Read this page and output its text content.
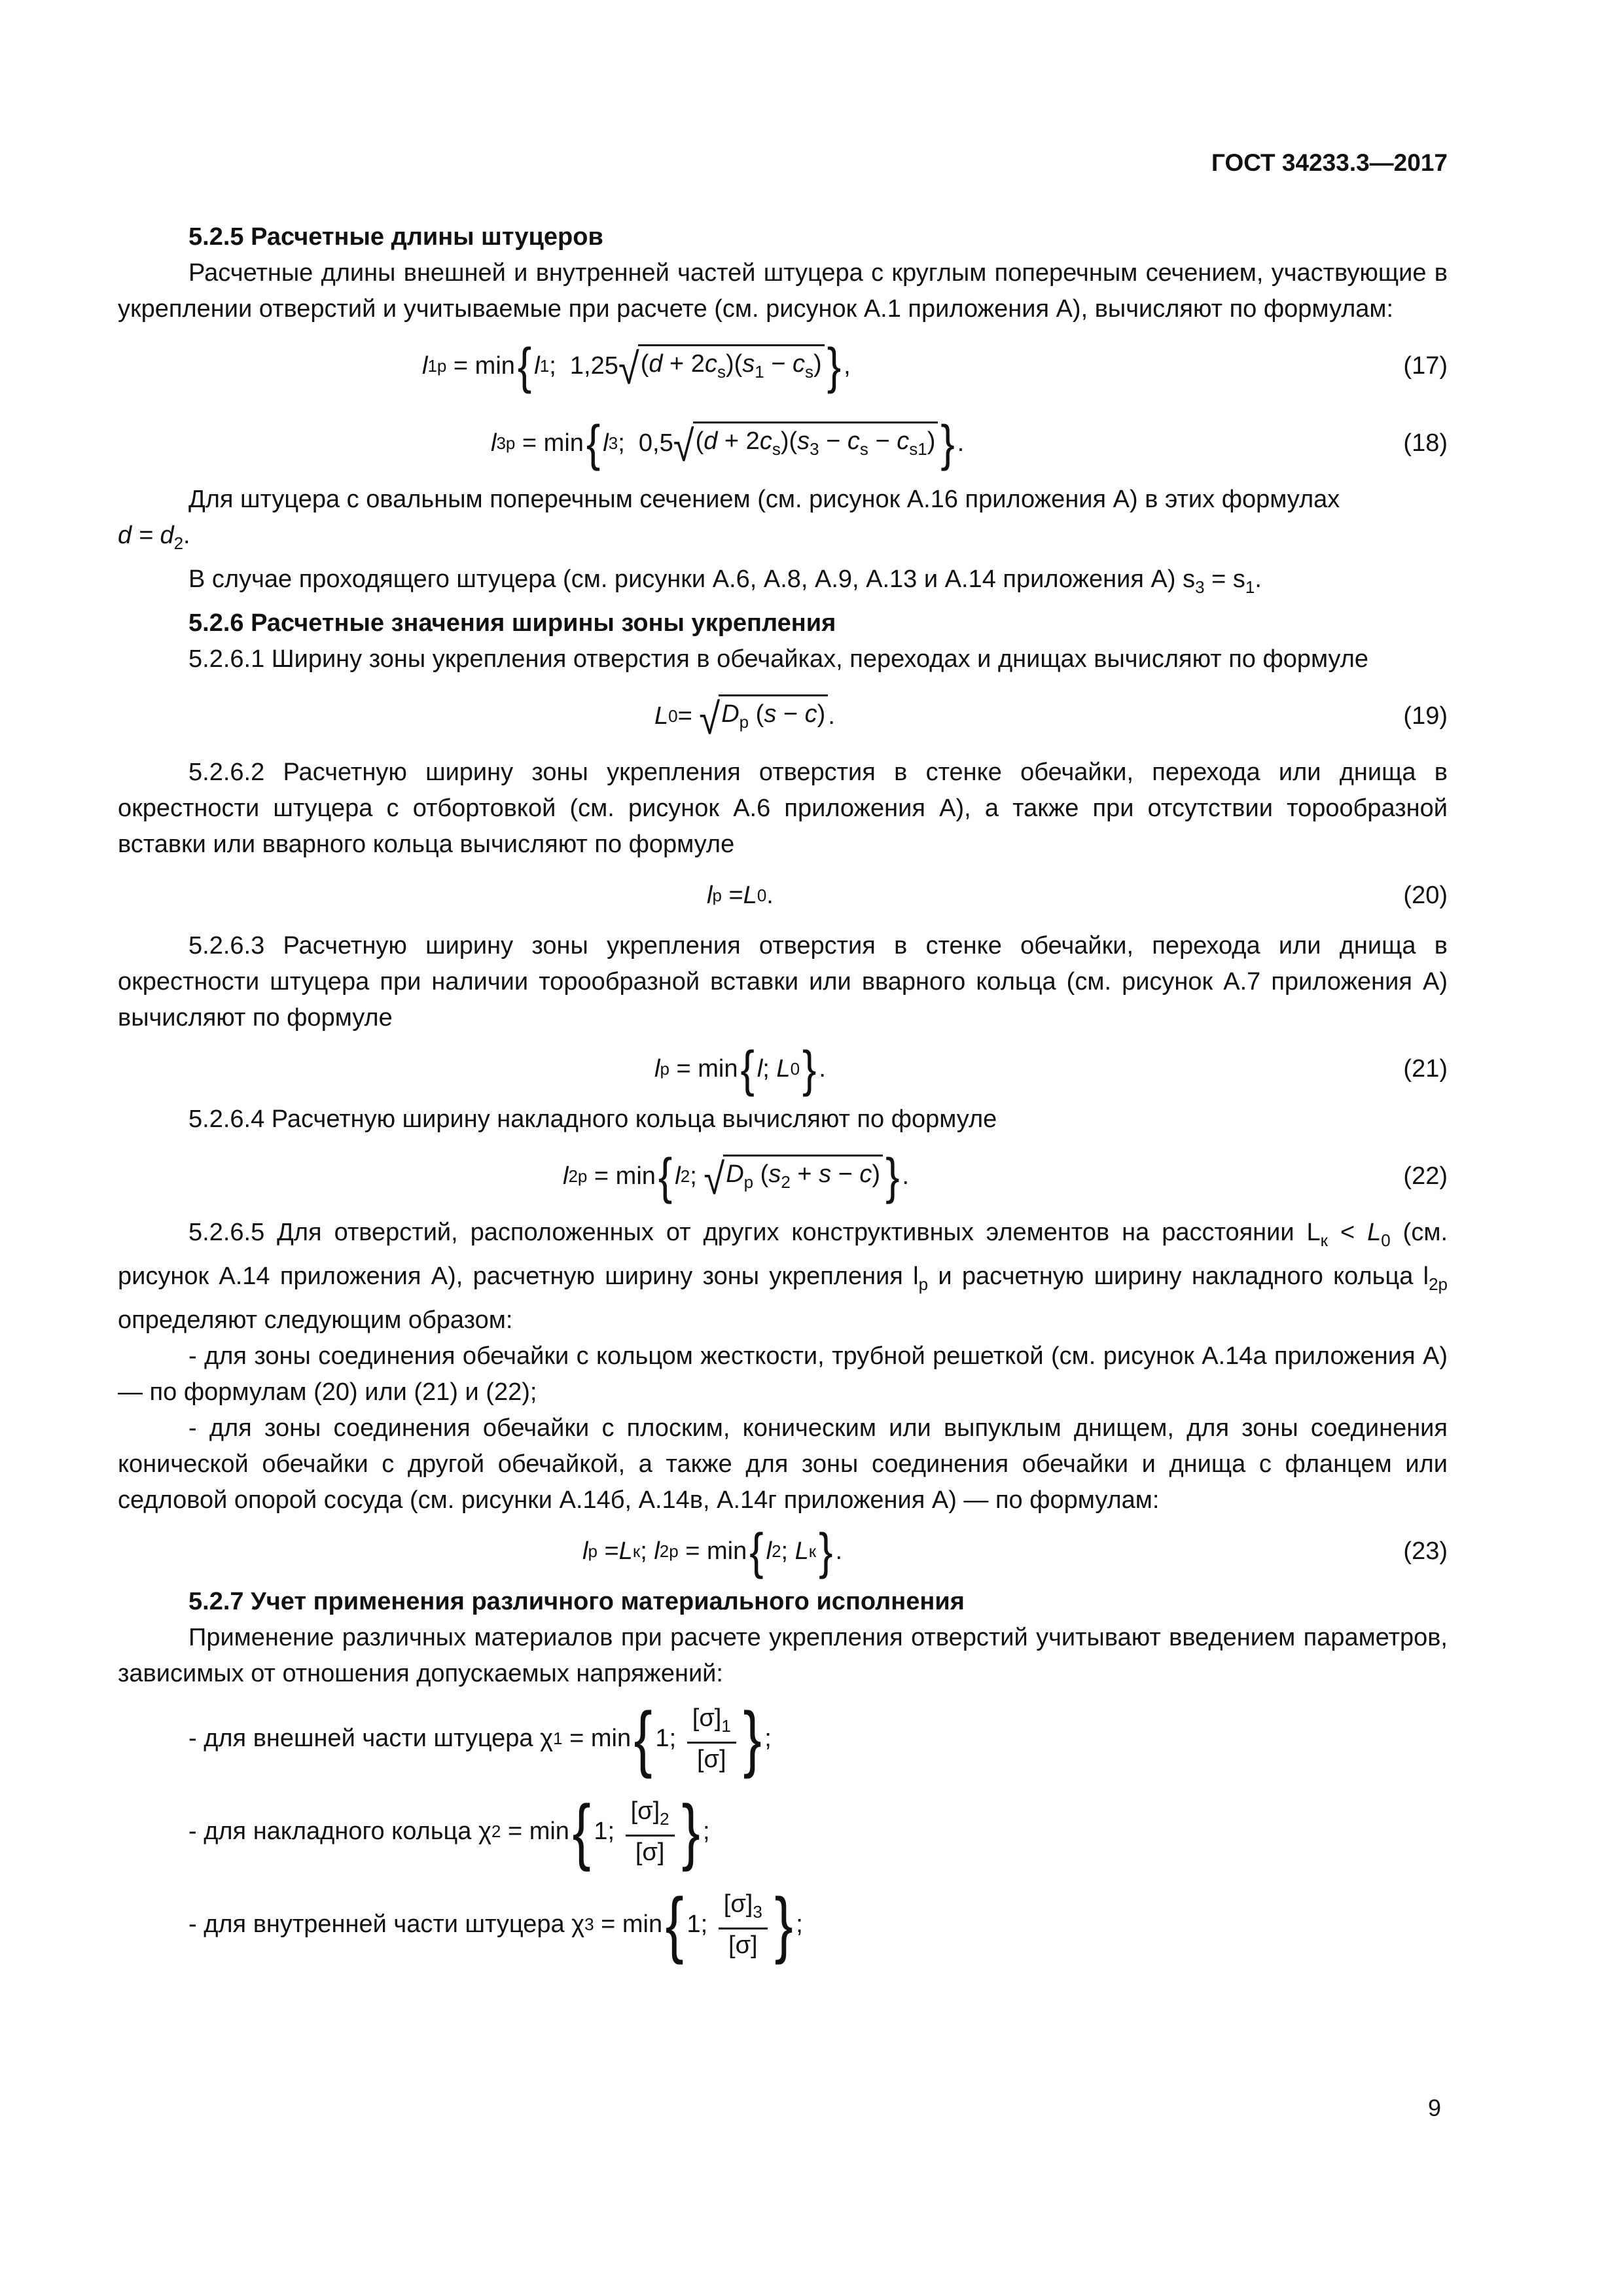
ГОСТ 34233.3—2017
5.2.5 Расчетные длины штуцеров

Расчетные длины внешней и внутренней частей штуцера с круглым поперечным сечением, участвующие в укреплении отверстий и учитываемые при расчете (см. рисунок А.1 приложения А), вычисляют по формулам:

l 1р = min { l 1 ;  1,25 √ $(d + 2c_s)(s_1 - c_s)$ } ,	(17)
l 3р = min { l 3 ;  0,5 √ $(d + 2c_s)(s_3 - c_s - c_{s1})$ } .	(18)

Для штуцера с овальным поперечным сечением (см. рисунок А.16 приложения А) в этих формулах

$d = d_2$.

В случае проходящего штуцера (см. рисунки А.6, А.8, А.9, А.13 и А.14 приложения А) $s_3 = s_1$.

5.2.6 Расчетные значения ширины зоны укрепления

5.2.6.1 Ширину зоны укрепления отверстия в обечайках, переходах и днищах вычисляют по формуле

L 0 = √ $D_р$ (s − c) .	(19)

5.2.6.2 Расчетную ширину зоны укрепления отверстия в стенке обечайки, перехода или днища в окрестности штуцера с отбортовкой (см. рисунок А.6 приложения А), а также при отсутствии торообразной вставки или вварного кольца вычисляют по формуле

l р = L 0 .	(20)

5.2.6.3 Расчетную ширину зоны укрепления отверстия в стенке обечайки, перехода или днища в окрестности штуцера при наличии торообразной вставки или вварного кольца (см. рисунок А.7 приложения А) вычисляют по формуле

l р = min { l ; L 0 } .	(21)

5.2.6.4 Расчетную ширину накладного кольца вычисляют по формуле

l 2р = min { l 2 ; √ $D_р$ $(s_2 + s - c)$ } .	(22)

5.2.6.5 Для отверстий, расположенных от других конструктивных элементов на расстоянии $L_к < L_0$ (см. рисунок А.14 приложения А), расчетную ширину зоны укрепления $l_р$ и расчетную ширину накладного кольца $l_{2р}$ определяют следующим образом:

- для зоны соединения обечайки с кольцом жесткости, трубной решеткой (см. рисунок А.14а приложения А) — по формулам (20) или (21) и (22);

- для зоны соединения обечайки с плоским, коническим или выпуклым днищем, для зоны соединения конической обечайки с другой обечайкой, а также для зоны соединения обечайки и днища с фланцем или седловой опорой сосуда (см. рисунки А.14б, А.14в, А.14г приложения А) — по формулам:

l р = L к ; l 2р = min { l 2 ; L к } .	(23)
5.2.7 Учет применения различного материального исполнения

Применение различных материалов при расчете укрепления отверстий учитывают введением параметров, зависимых от отношения допускаемых напряжений:

- для внешней части штуцера
χ 1 = min { 1; $\frac{[\sigma]_1}{[\sigma]}$ } ;
- для накладного кольца
χ 2 = min { 1; $\frac{[\sigma]_2}{[\sigma]}$ } ;
- для внутренней части штуцера
χ 3 = min { 1; $\frac{[\sigma]_3}{[\sigma]}$ } ;
9
